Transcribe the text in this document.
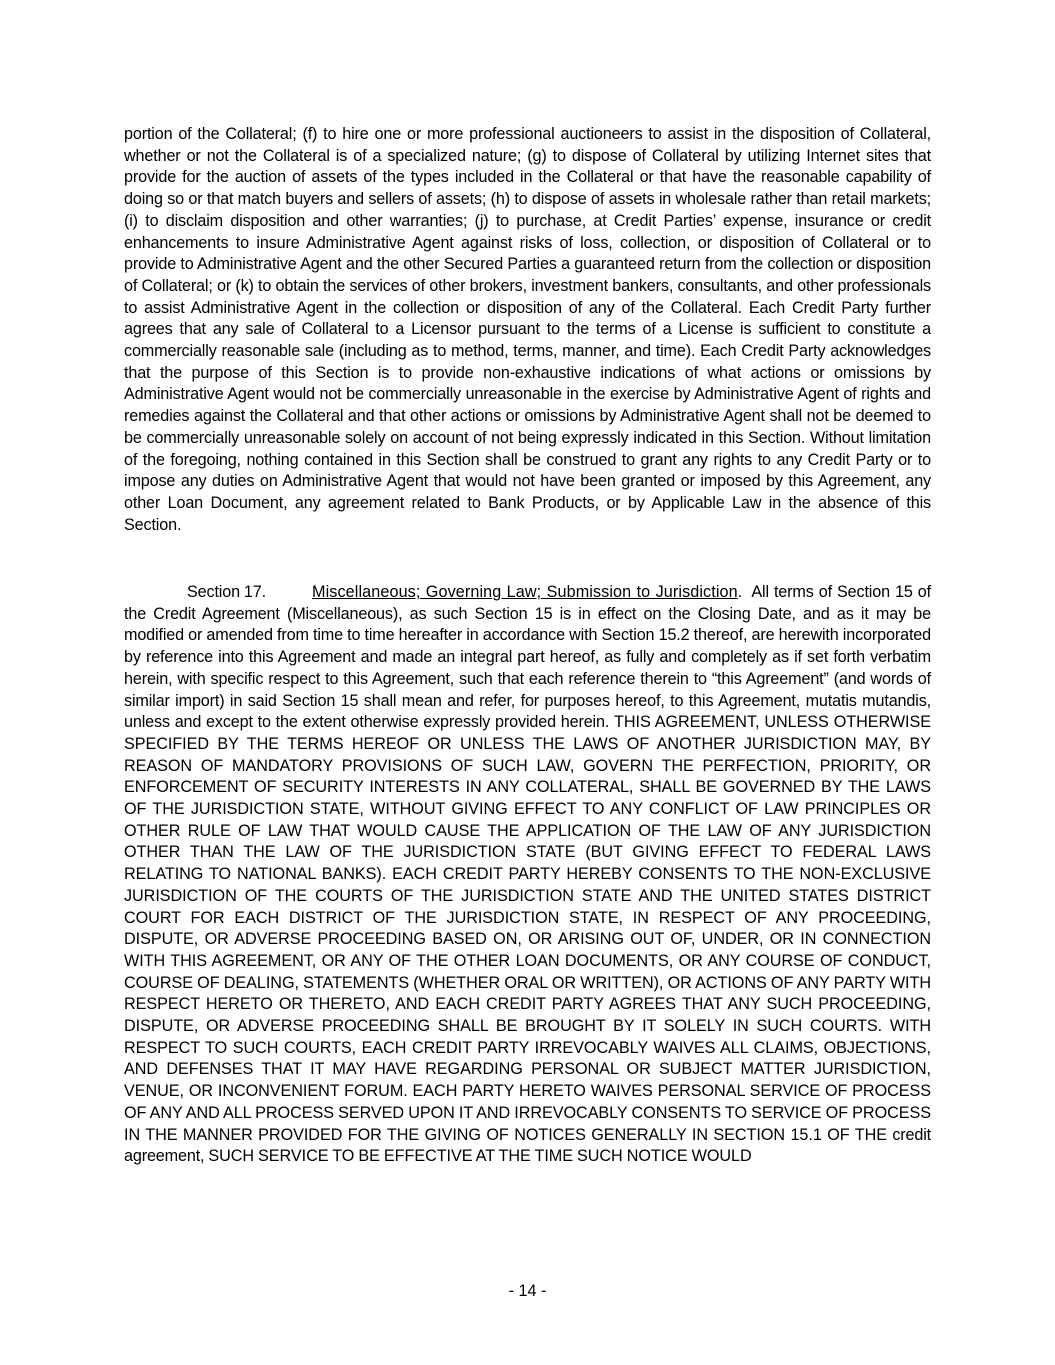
portion of the Collateral; (f) to hire one or more professional auctioneers to assist in the disposition of Collateral, whether or not the Collateral is of a specialized nature; (g) to dispose of Collateral by utilizing Internet sites that provide for the auction of assets of the types included in the Collateral or that have the reasonable capability of doing so or that match buyers and sellers of assets; (h) to dispose of assets in wholesale rather than retail markets; (i) to disclaim disposition and other warranties; (j) to purchase, at Credit Parties’ expense, insurance or credit enhancements to insure Administrative Agent against risks of loss, collection, or disposition of Collateral or to provide to Administrative Agent and the other Secured Parties a guaranteed return from the collection or disposition of Collateral; or (k) to obtain the services of other brokers, investment bankers, consultants, and other professionals to assist Administrative Agent in the collection or disposition of any of the Collateral. Each Credit Party further agrees that any sale of Collateral to a Licensor pursuant to the terms of a License is sufficient to constitute a commercially reasonable sale (including as to method, terms, manner, and time). Each Credit Party acknowledges that the purpose of this Section is to provide non-exhaustive indications of what actions or omissions by Administrative Agent would not be commercially unreasonable in the exercise by Administrative Agent of rights and remedies against the Collateral and that other actions or omissions by Administrative Agent shall not be deemed to be commercially unreasonable solely on account of not being expressly indicated in this Section. Without limitation of the foregoing, nothing contained in this Section shall be construed to grant any rights to any Credit Party or to impose any duties on Administrative Agent that would not have been granted or imposed by this Agreement, any other Loan Document, any agreement related to Bank Products, or by Applicable Law in the absence of this Section.

Section 17.	Miscellaneous; Governing Law; Submission to Jurisdiction. All terms of Section 15 of the Credit Agreement (Miscellaneous), as such Section 15 is in effect on the Closing Date, and as it may be modified or amended from time to time hereafter in accordance with Section 15.2 thereof, are herewith incorporated by reference into this Agreement and made an integral part hereof, as fully and completely as if set forth verbatim herein, with specific respect to this Agreement, such that each reference therein to “this Agreement” (and words of similar import) in said Section 15 shall mean and refer, for purposes hereof, to this Agreement, mutatis mutandis, unless and except to the extent otherwise expressly provided herein. THIS AGREEMENT, UNLESS OTHERWISE SPECIFIED BY THE TERMS HEREOF OR UNLESS THE LAWS OF ANOTHER JURISDICTION MAY, BY REASON OF MANDATORY PROVISIONS OF SUCH LAW, GOVERN THE PERFECTION, PRIORITY, OR ENFORCEMENT OF SECURITY INTERESTS IN ANY COLLATERAL, SHALL BE GOVERNED BY THE LAWS OF THE JURISDICTION STATE, WITHOUT GIVING EFFECT TO ANY CONFLICT OF LAW PRINCIPLES OR OTHER RULE OF LAW THAT WOULD CAUSE THE APPLICATION OF THE LAW OF ANY JURISDICTION OTHER THAN THE LAW OF THE JURISDICTION STATE (BUT GIVING EFFECT TO FEDERAL LAWS RELATING TO NATIONAL BANKS). EACH CREDIT PARTY HEREBY CONSENTS TO THE NON-EXCLUSIVE JURISDICTION OF THE COURTS OF THE JURISDICTION STATE AND THE UNITED STATES DISTRICT COURT FOR EACH DISTRICT OF THE JURISDICTION STATE, IN RESPECT OF ANY PROCEEDING, DISPUTE, OR ADVERSE PROCEEDING BASED ON, OR ARISING OUT OF, UNDER, OR IN CONNECTION WITH THIS AGREEMENT, OR ANY OF THE OTHER LOAN DOCUMENTS, OR ANY COURSE OF CONDUCT, COURSE OF DEALING, STATEMENTS (WHETHER ORAL OR WRITTEN), OR ACTIONS OF ANY PARTY WITH RESPECT HERETO OR THERETO, AND EACH CREDIT PARTY AGREES THAT ANY SUCH PROCEEDING, DISPUTE, OR ADVERSE PROCEEDING SHALL BE BROUGHT BY IT SOLELY IN SUCH COURTS. WITH RESPECT TO SUCH COURTS, EACH CREDIT PARTY IRREVOCABLY WAIVES ALL CLAIMS, OBJECTIONS, AND DEFENSES THAT IT MAY HAVE REGARDING PERSONAL OR SUBJECT MATTER JURISDICTION, VENUE, OR INCONVENIENT FORUM. EACH PARTY HERETO WAIVES PERSONAL SERVICE OF PROCESS OF ANY AND ALL PROCESS SERVED UPON IT AND IRREVOCABLY CONSENTS TO SERVICE OF PROCESS IN THE MANNER PROVIDED FOR THE GIVING OF NOTICES GENERALLY IN SECTION 15.1 OF THE credit agreement, SUCH SERVICE TO BE EFFECTIVE AT THE TIME SUCH NOTICE WOULD

- 14 -
